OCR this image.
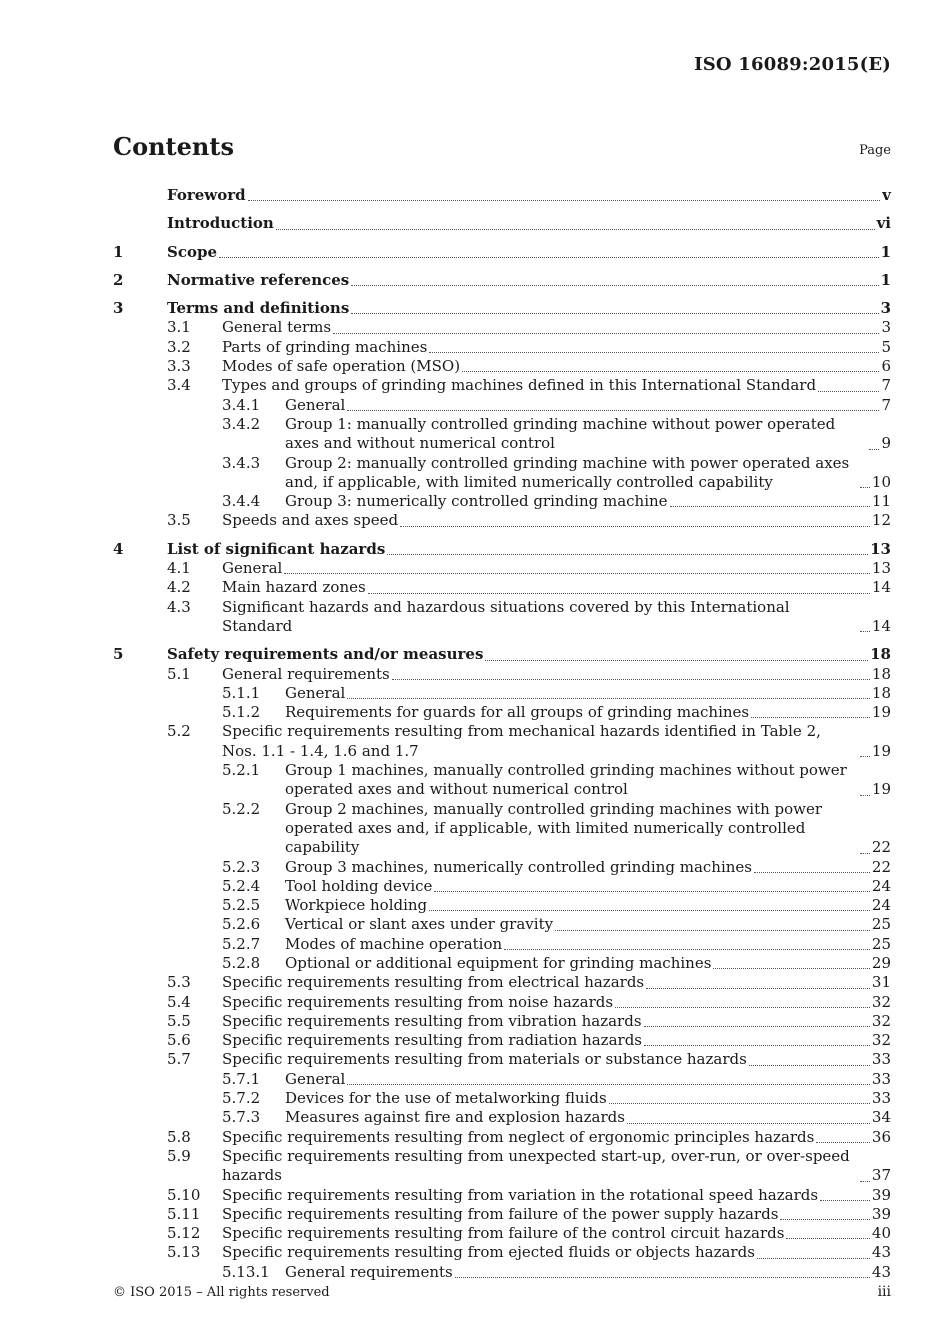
ISO 16089:2015(E)
Contents	Page
Foreword	v
Introduction	vi
1	Scope	1
2	Normative references	1
3	Terms and definitions	3
3.1 General terms	3
3.2 Parts of grinding machines	5
3.3 Modes of safe operation (MSO)	6
3.4 Types and groups of grinding machines defined in this International Standard	7
3.4.1 General	7
3.4.2 Group 1: manually controlled grinding machine without power operated axes and without numerical control	9
3.4.3 Group 2: manually controlled grinding machine with power operated axes and, if applicable, with limited numerically controlled capability	10
3.4.4 Group 3: numerically controlled grinding machine	11
3.5 Speeds and axes speed	12
4	List of significant hazards	13
4.1 General	13
4.2 Main hazard zones	14
4.3 Significant hazards and hazardous situations covered by this International Standard	14
5	Safety requirements and/or measures	18
5.1 General requirements	18
5.1.1 General	18
5.1.2 Requirements for guards for all groups of grinding machines	19
5.2 Specific requirements resulting from mechanical hazards identified in Table 2, Nos. 1.1 - 1.4, 1.6 and 1.7	19
5.2.1 Group 1 machines, manually controlled grinding machines without power operated axes and without numerical control	19
5.2.2 Group 2 machines, manually controlled grinding machines with power operated axes and, if applicable, with limited numerically controlled capability	22
5.2.3 Group 3 machines, numerically controlled grinding machines	22
5.2.4 Tool holding device	24
5.2.5 Workpiece holding	24
5.2.6 Vertical or slant axes under gravity	25
5.2.7 Modes of machine operation	25
5.2.8 Optional or additional equipment for grinding machines	29
5.3 Specific requirements resulting from electrical hazards	31
5.4 Specific requirements resulting from noise hazards	32
5.5 Specific requirements resulting from vibration hazards	32
5.6 Specific requirements resulting from radiation hazards	32
5.7 Specific requirements resulting from materials or substance hazards	33
5.7.1 General	33
5.7.2 Devices for the use of metalworking fluids	33
5.7.3 Measures against fire and explosion hazards	34
5.8 Specific requirements resulting from neglect of ergonomic principles hazards	36
5.9 Specific requirements resulting from unexpected start-up, over-run, or over-speed hazards	37
5.10 Specific requirements resulting from variation in the rotational speed hazards	39
5.11 Specific requirements resulting from failure of the power supply hazards	39
5.12 Specific requirements resulting from failure of the control circuit hazards	40
5.13 Specific requirements resulting from ejected fluids or objects hazards	43
5.13.1 General requirements	43
© ISO 2015 – All rights reserved	iii
